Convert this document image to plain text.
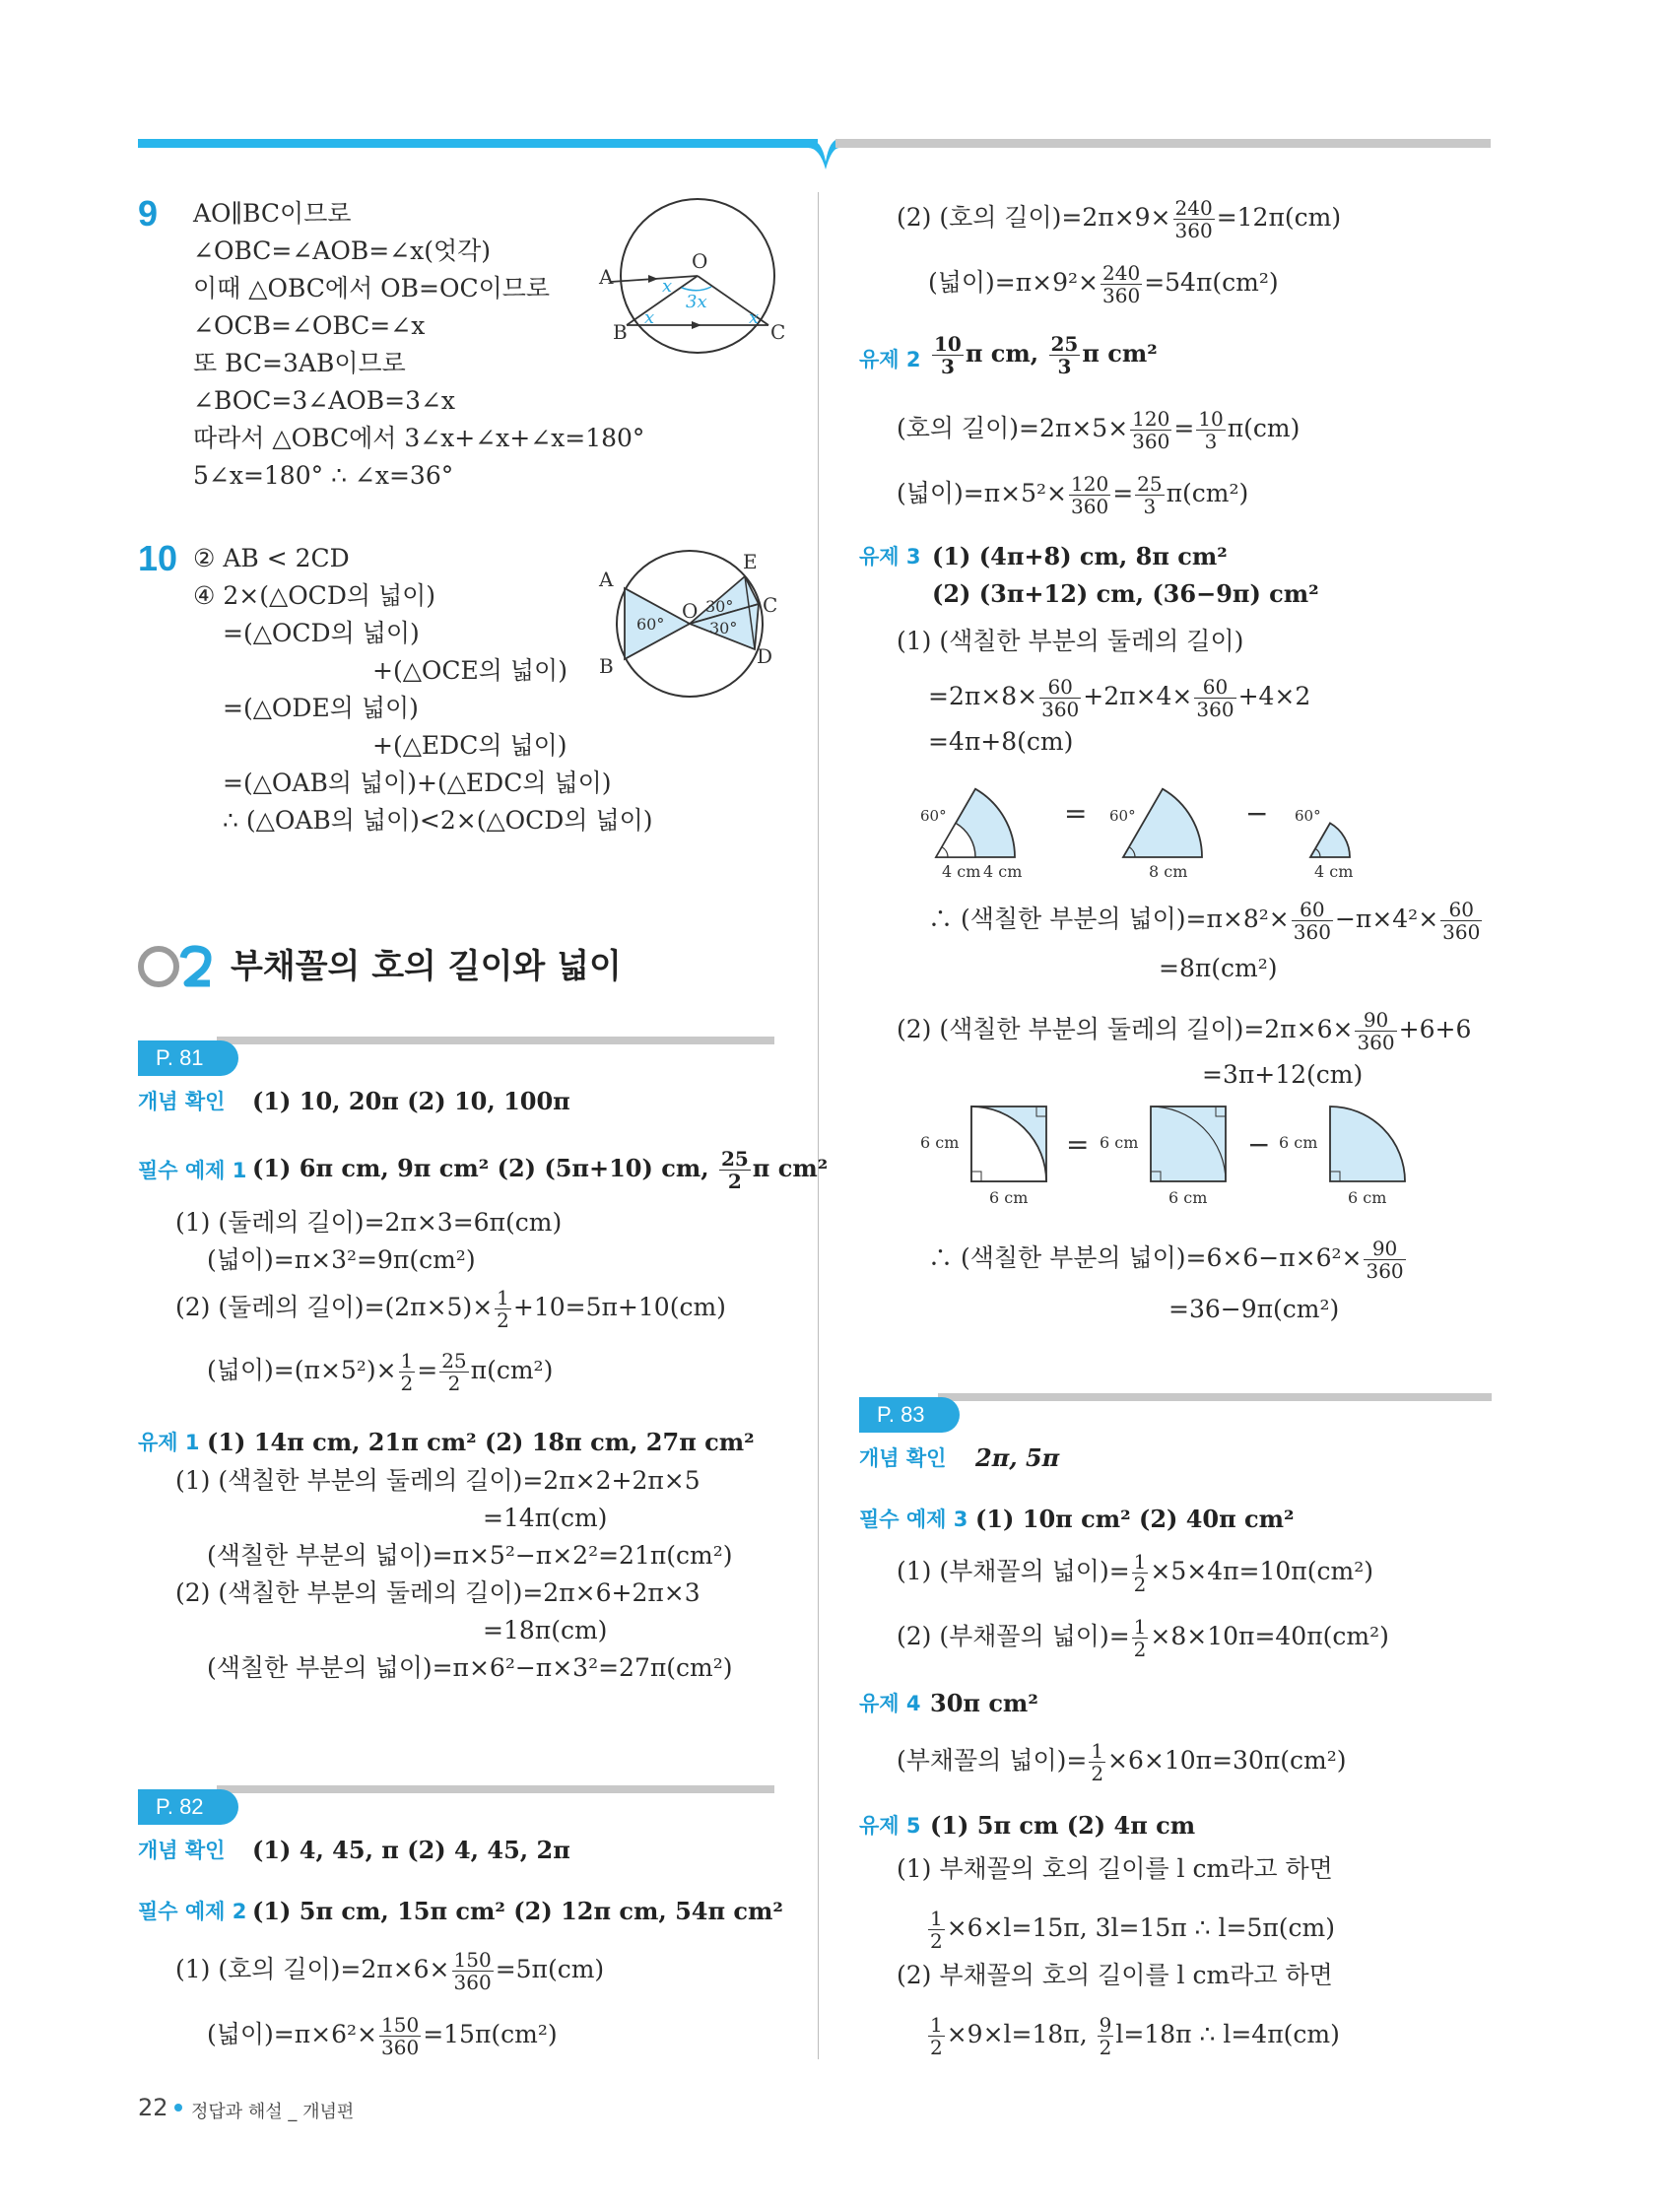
9 AO∥BC이므로
∠OBC=∠AOB=∠x(엇각)
이때 △OBC에서 OB=OC이므로
∠OCB=∠OBC=∠x
또 BC=3AB이므로
∠BOC=3∠AOB=3∠x
따라서 △OBC에서 3∠x+∠x+∠x=180°
5∠x=180° ∴ ∠x=36°
A
B	C
O
x
3x
x	x
10 ② AB < 2CD
④ 2×(△OCD의 넓이)
=(△OCD의 넓이)
+(△OCE의 넓이)
=(△ODE의 넓이)
+(△EDC의 넓이)
=(△OAB의 넓이)+(△EDC의 넓이)
∴ (△OAB의 넓이)<2×(△OCD의 넓이)
A
B
E
C
D
O
60°
30°
30°
부채꼴의 호의 길이와 넓이
P. 81
개념 확인 (1) 10, 20π (2) 10, 100π
필수 예제 1 (1) 6π cm, 9π cm² (2) (5π+10) cm, $\frac{25}{2}$ π cm²
(1) (둘레의 길이)=2π×3=6π(cm)
(넓이)=π×3²=9π(cm²)
(2) (둘레의 길이)$=(2\pi\times 5)\times \frac{1}{2} +10=5\pi+10(cm)$
(넓이)$=(\pi\times 5^2)\times \frac{1}{2} = \frac{25}{2} \pi(cm^2)$
유제 1 (1) 14π cm, 21π cm² (2) 18π cm, 27π cm²
(1) (색칠한 부분의 둘레의 길이)=2π×2+2π×5
=14π(cm)
(색칠한 부분의 넓이)=π×5²−π×2²=21π(cm²)
(2) (색칠한 부분의 둘레의 길이)=2π×6+2π×3
=18π(cm)
(색칠한 부분의 넓이)=π×6²−π×3²=27π(cm²)
P. 82
개념 확인 (1) 4, 45, π (2) 4, 45, 2π
필수 예제 2 (1) 5π cm, 15π cm² (2) 12π cm, 54π cm²
(1) (호의 길이)$=2\pi\times 6\times \frac{150}{360} =5\pi(cm)$
(넓이)$=\pi\times 6^2\times \frac{150}{360} =15\pi(cm^2)$
22 정답과 해설 _ 개념편
(2) (호의 길이)$=2\pi\times 9\times \frac{240}{360} =12\pi(cm)$
(넓이)$=\pi\times 9^2\times \frac{240}{360} =54\pi(cm^2)$
유제 $2 \frac{10}{3}$ π cm, $\frac{25}{3}$ π cm²
(호의 길이)$=2\pi\times 5\times \frac{120}{360} = \frac{10}{3} \pi(cm)$
(넓이)$=\pi\times 5^2\times \frac{120}{360} = \frac{25}{3} \pi(cm^2)$
유제 3 (1) (4π+8) cm, 8π cm²
(2) (3π+12) cm, (36−9π) cm²
(1) (색칠한 부분의 둘레의 길이)
$=2\pi\times 8\times \frac{60}{360} +2\pi\times 4\times \frac{60}{360} +4\times 2$
=4π+8(cm)
60°
4 cm 4 cm
= 60°
8 cm
− 60°
4 cm
∴ (색칠한 부분의 넓이)$=\pi\times 8^2\times \frac{60}{360} -\pi\times 4^2\times \frac{60}{360}$
=8π(cm²)
(2) (색칠한 부분의 둘레의 길이)$=2\pi\times 6\times \frac{90}{360} +6+6$
=3π+12(cm)
6 cm
6 cm
= 6 cm
6 cm
− 6 cm
6 cm
∴ (색칠한 부분의 넓이)$=6\times 6-\pi\times 6^2\times \frac{90}{360}$
=36−9π(cm²)
P. 83
개념 확인 2π, 5π
필수 예제 3 (1) 10π cm² (2) 40π cm²
(1) (부채꼴의 넓이)= $\frac{1}{2} \times 5\times 4\pi=10\pi(cm^2)$
(2) (부채꼴의 넓이)= $\frac{1}{2} \times 8\times 10\pi=40\pi(cm^2)$
유제 4 30π cm²
(부채꼴의 넓이)= $\frac{1}{2} \times 6\times 10\pi=30\pi(cm^2)$
유제 5 (1) 5π cm (2) 4π cm
(1) 부채꼴의 호의 길이를 l cm라고 하면
$\frac{1}{2} \times 6\times l=15\pi$, 3l=15π ∴ l=5π(cm)
(2) 부채꼴의 호의 길이를 l cm라고 하면
$\frac{1}{2} \times 9\times l=18\pi$, $\frac{9}{2} l=18\pi$ ∴ l=4π(cm)
